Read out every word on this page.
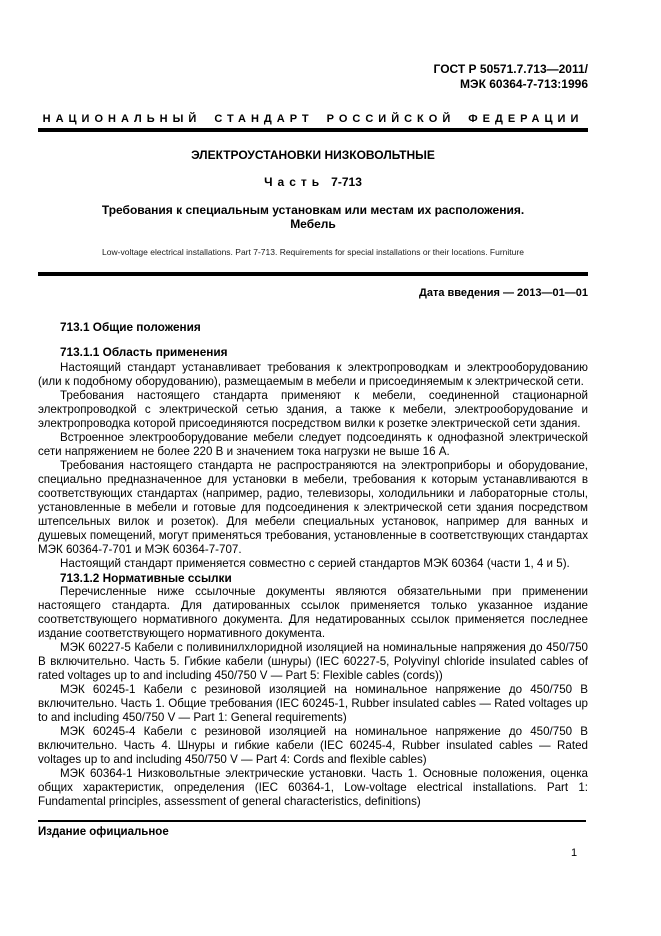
ГОСТ Р 50571.7.713—2011/
МЭК 60364-7-713:1996
НАЦИОНАЛЬНЫЙ СТАНДАРТ РОССИЙСКОЙ ФЕДЕРАЦИИ
ЭЛЕКТРОУСТАНОВКИ НИЗКОВОЛЬТНЫЕ
Часть 7-713
Требования к специальным установкам или местам их расположения.
Мебель
Low-voltage electrical installations. Part 7-713. Requirements for special installations or their locations. Furniture
Дата введения — 2013—01—01
713.1 Общие положения
713.1.1 Область применения

Настоящий стандарт устанавливает требования к электропроводкам и электрооборудованию (или к подобному оборудованию), размещаемым в мебели и присоединяемым к электрической сети.

Требования настоящего стандарта применяют к мебели, соединенной стационарной электропроводкой с электрической сетью здания, а также к мебели, электрооборудование и электропроводка которой присоединяются посредством вилки к розетке электрической сети здания.

Встроенное электрооборудование мебели следует подсоединять к однофазной электрической сети напряжением не более 220 В и значением тока нагрузки не выше 16 А.

Требования настоящего стандарта не распространяются на электроприборы и оборудование, специально предназначенное для установки в мебели, требования к которым устанавливаются в соответствующих стандартах (например, радио, телевизоры, холодильники и лабораторные столы, установленные в мебели и готовые для подсоединения к электрической сети здания посредством штепсельных вилок и розеток). Для мебели специальных установок, например для ванных и душевых помещений, могут применяться требования, установленные в соответствующих стандартах МЭК 60364-7-701 и МЭК 60364-7-707.

Настоящий стандарт применяется совместно с серией стандартов МЭК 60364 (части 1, 4 и 5).

713.1.2 Нормативные ссылки

Перечисленные ниже ссылочные документы являются обязательными при применении настоящего стандарта. Для датированных ссылок применяется только указанное издание соответствующего нормативного документа. Для недатированных ссылок применяется последнее издание соответствующего нормативного документа.

МЭК 60227-5 Кабели с поливинилхлоридной изоляцией на номинальные напряжения до 450/750 В включительно. Часть 5. Гибкие кабели (шнуры) (IEC 60227-5, Polyvinyl chloride insulated cables of rated voltages up to and including 450/750 V — Part 5: Flexible cables (cords))

МЭК 60245-1 Кабели с резиновой изоляцией на номинальное напряжение до 450/750 В включительно. Часть 1. Общие требования (IEC 60245-1, Rubber insulated cables — Rated voltages up to and including 450/750 V — Part 1: General requirements)

МЭК 60245-4 Кабели с резиновой изоляцией на номинальное напряжение до 450/750 В включительно. Часть 4. Шнуры и гибкие кабели (IEC 60245-4, Rubber insulated cables — Rated voltages up to and including 450/750 V — Part 4: Cords and flexible cables)

МЭК 60364-1 Низковольтные электрические установки. Часть 1. Основные положения, оценка общих характеристик, определения (IEC 60364-1, Low-voltage electrical installations. Part 1: Fundamental principles, assessment of general characteristics, definitions)

Издание официальное
1
